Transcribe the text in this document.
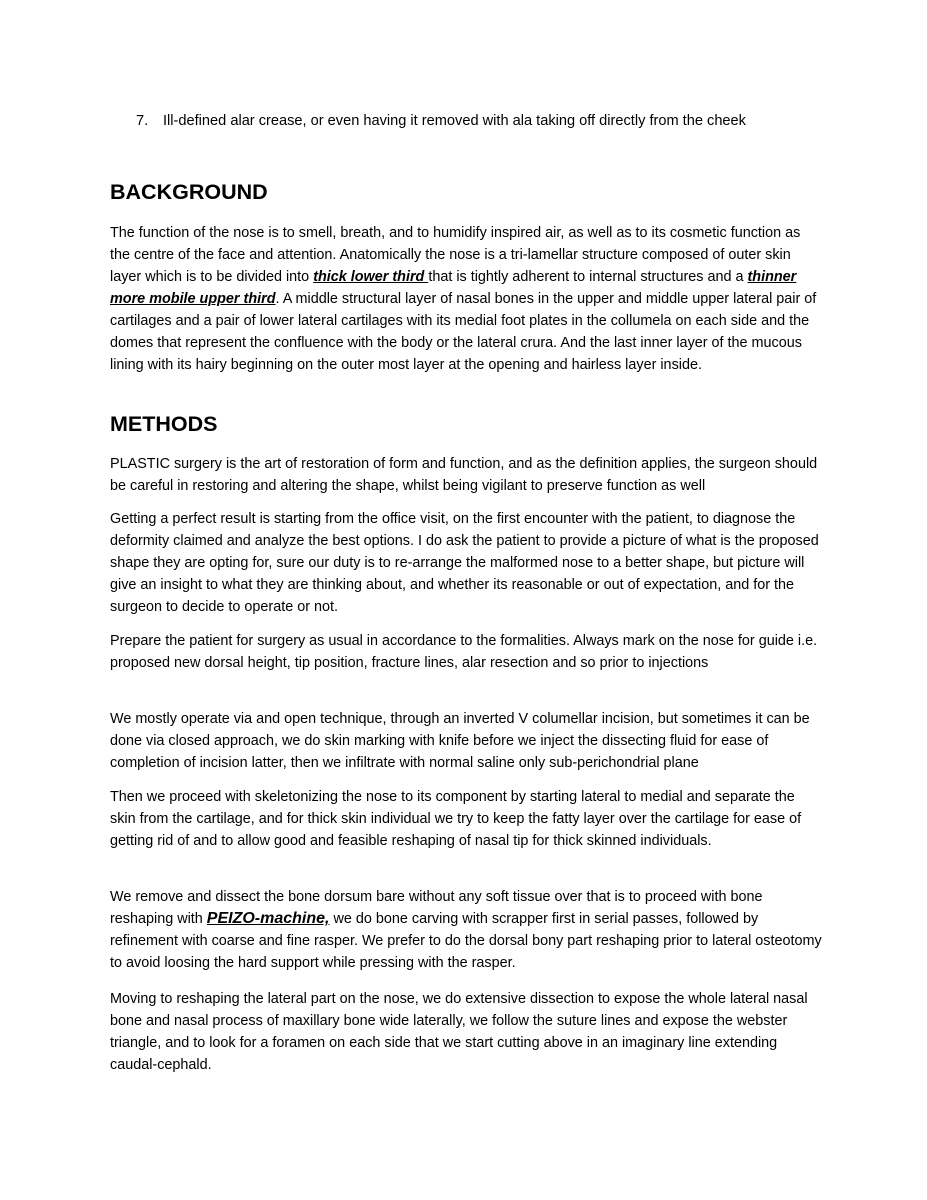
7. Ill-defined alar crease, or even having it removed with ala taking off directly from the cheek
BACKGROUND

The function of the nose is to smell, breath, and to humidify inspired air, as well as to its cosmetic function as the centre of the face and attention. Anatomically the nose is a tri-lamellar structure composed of outer skin layer which is to be divided into thick lower third that is tightly adherent to internal structures and a thinner more mobile upper third. A middle structural layer of nasal bones in the upper and middle upper lateral pair of cartilages and a pair of lower lateral cartilages with its medial foot plates in the collumela on each side and the domes that represent the confluence with the body or the lateral crura. And the last inner layer of the mucous lining with its hairy beginning on the outer most layer at the opening and hairless layer inside.

METHODS

PLASTIC surgery is the art of restoration of form and function, and as the definition applies, the surgeon should be careful in restoring and altering the shape, whilst being vigilant to preserve function as well

Getting a perfect result is starting from the office visit, on the first encounter with the patient, to diagnose the deformity claimed and analyze the best options. I do ask the patient to provide a picture of what is the proposed shape they are opting for, sure our duty is to re-arrange the malformed nose to a better shape, but picture will give an insight to what they are thinking about, and whether its reasonable or out of expectation, and for the surgeon to decide to operate or not.

Prepare the patient for surgery as usual in accordance to the formalities. Always mark on the nose for guide i.e. proposed new dorsal height, tip position, fracture lines, alar resection and so prior to injections

We mostly operate via and open technique, through an inverted V columellar incision, but sometimes it can be done via closed approach, we do skin marking with knife before we inject the dissecting fluid for ease of completion of incision latter, then we infiltrate with normal saline only sub-perichondrial plane

Then we proceed with skeletonizing the nose to its component by starting lateral to medial and separate the skin from the cartilage, and for thick skin individual we try to keep the fatty layer over the cartilage for ease of getting rid of and to allow good and feasible reshaping of nasal tip for thick skinned individuals.

We remove and dissect the bone dorsum bare without any soft tissue over that is to proceed with bone reshaping with PEIZO-machine, we do bone carving with scrapper first in serial passes, followed by refinement with coarse and fine rasper. We prefer to do the dorsal bony part reshaping prior to lateral osteotomy to avoid loosing the hard support while pressing with the rasper.

Moving to reshaping the lateral part on the nose, we do extensive dissection to expose the whole lateral nasal bone and nasal process of maxillary bone wide laterally, we follow the suture lines and expose the webster triangle, and to look for a foramen on each side that we start cutting above in an imaginary line extending caudal-cephald.
